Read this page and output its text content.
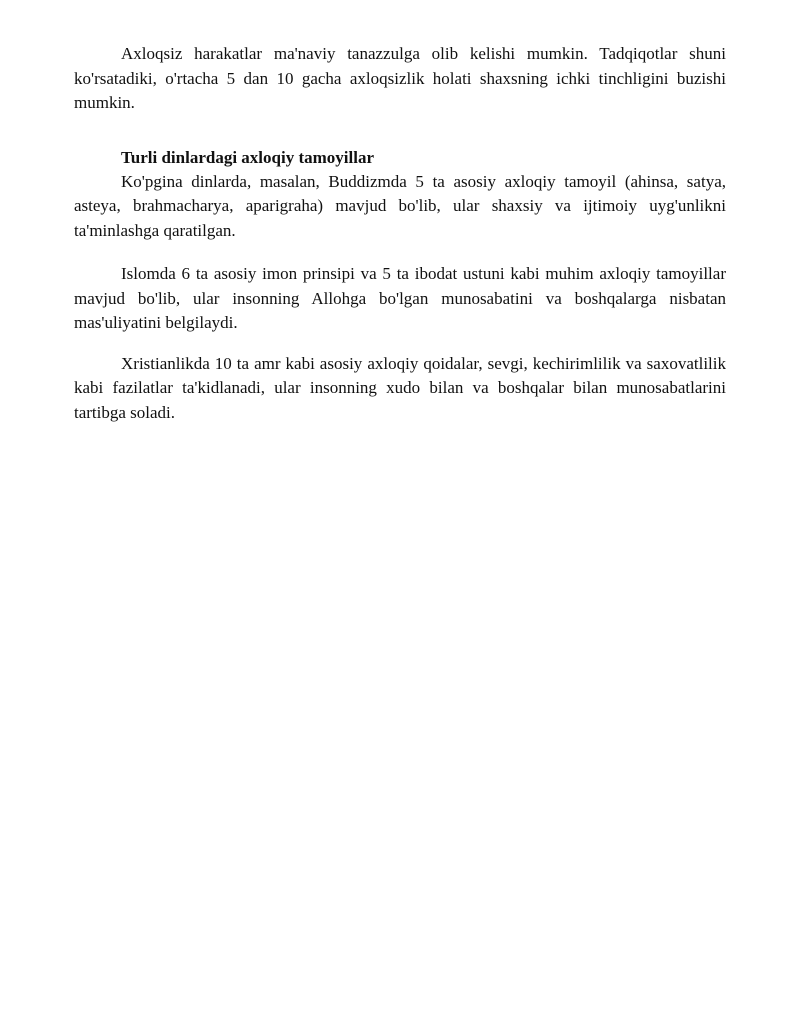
Axloqsiz harakatlar ma'naviy tanazzulga olib kelishi mumkin. Tadqiqotlar shuni ko'rsatadiki, o'rtacha 5 dan 10 gacha axloqsizlik holati shaxsning ichki tinchligini buzishi mumkin.

Turli dinlardagi axloqiy tamoyillar

Ko'pgina dinlarda, masalan, Buddizmda 5 ta asosiy axloqiy tamoyil (ahinsa, satya, asteya, brahmacharya, aparigraha) mavjud bo'lib, ular shaxsiy va ijtimoiy uyg'unlikni ta'minlashga qaratilgan.

Islomda 6 ta asosiy imon prinsipi va 5 ta ibodat ustuni kabi muhim axloqiy tamoyillar mavjud bo'lib, ular insonning Allohga bo'lgan munosabatini va boshqalarga nisbatan mas'uliyatini belgilaydi.

Xristianlikda 10 ta amr kabi asosiy axloqiy qoidalar, sevgi, kechirimlilik va saxovatlilik kabi fazilatlar ta'kidlanadi, ular insonning xudo bilan va boshqalar bilan munosabatlarini tartibga soladi.
